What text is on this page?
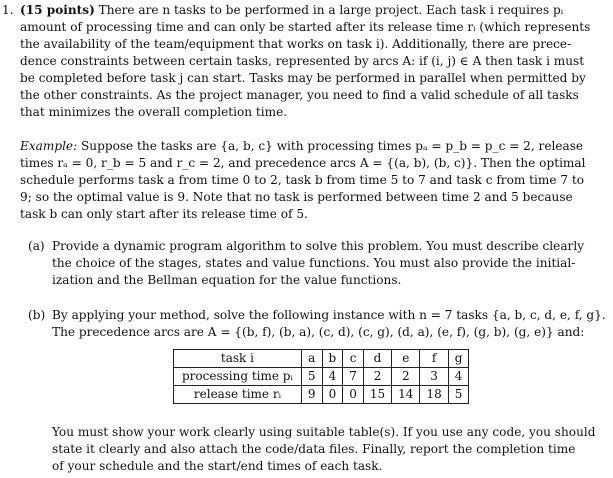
1. (15 points) There are n tasks to be performed in a large project. Each task i requires pᵢ
amount of processing time and can only be started after its release time rᵢ (which represents
the availability of the team/equipment that works on task i). Additionally, there are prece-
dence constraints between certain tasks, represented by arcs A: if (i, j) ∈ A then task i must
be completed before task j can start. Tasks may be performed in parallel when permitted by
the other constraints. As the project manager, you need to find a valid schedule of all tasks
that minimizes the overall completion time.
Example: Suppose the tasks are {a, b, c} with processing times pₐ = p_b = p_c = 2, release
times rₐ = 0, r_b = 5 and r_c = 2, and precedence arcs A = {(a, b), (b, c)}. Then the optimal
schedule performs task a from time 0 to 2, task b from time 5 to 7 and task c from time 7 to
9; so the optimal value is 9. Note that no task is performed between time 2 and 5 because
task b can only start after its release time of 5.
(a) Provide a dynamic program algorithm to solve this problem. You must describe clearly
the choice of the stages, states and value functions. You must also provide the initial-
ization and the Bellman equation for the value functions.
(b) By applying your method, solve the following instance with n = 7 tasks {a, b, c, d, e, f, g}.
The precedence arcs are A = {(b, f), (b, a), (c, d), (c, g), (d, a), (e, f), (g, b), (g, e)} and:
task i	a	b	c	d	e	f	g
processing time pᵢ	5	4	7	2	2	3	4
release time rᵢ	9	0	0	15	14	18	5
You must show your work clearly using suitable table(s). If you use any code, you should
state it clearly and also attach the code/data files. Finally, report the completion time
of your schedule and the start/end times of each task.
